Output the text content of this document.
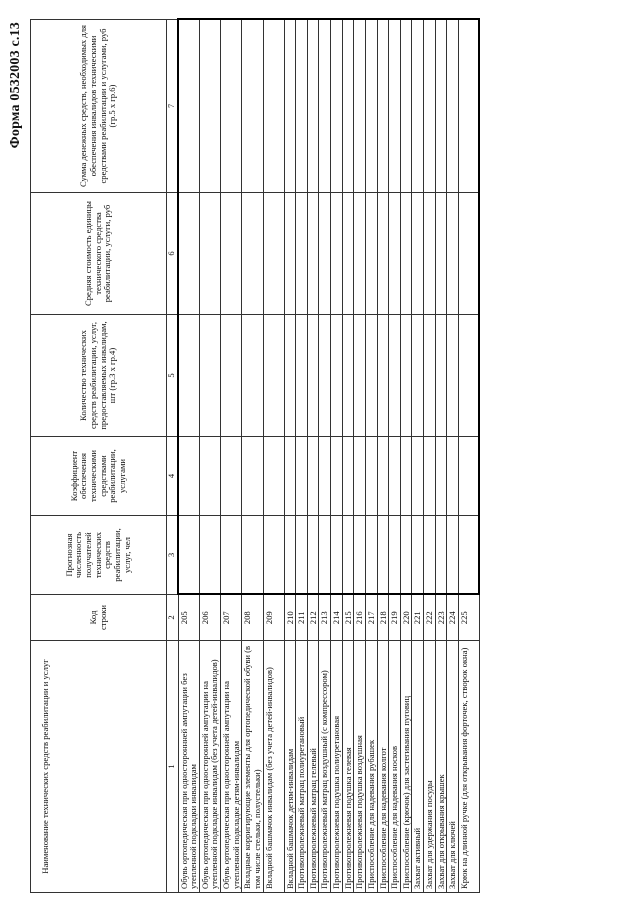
Форма 0532003 с.13
Наименование технических средств реабилитации и услуг	Код строки	Прогнозная численность получателей технических средств реабилитации, услуг, чел	Коэффициент обеспечения техническими средствами реабилитации, услугами	Количество технических средств реабилитации, услуг, предоставляемых инвалидам, шт (гр.3 х гр.4)	Средняя стоимость единицы технического средства реабилитации, услуги, руб	Сумма денежных средств, необходимых для обеспечения инвалидов техническими средствами реабилитации и услугами, руб (гр.5 х гр.6)
1	2	3	4	5	6	7
Обувь ортопедическая при одностороннней ампутации без утепленной подкладки инвалидам	205					
Обувь ортопедическая при односторонней ампутации на утепленной подкладке инвалидам (без учета детей-инвалидов)	206					
Обувь ортопедическая при односторонней ампутации на утепленной подкладке детям-инвалидам	207					
Вкладные корригирующие элементы для ортопедической обуви (в том числе стельки, полустельки)	208					
Вкладной башмачок инвалидам (без учета детей-инвалидов)	209					
Вкладной башмачок детям-инвалидам	210					
Противопролежневый матрац полиуретановый	211					
Противопролежневый матрац гелевый	212					
Противопролежневый матрац воздушный (с компрессором)	213					
Противопролежневая подушка полиуретановая	214					
Противопролежневая подушка гелевая	215					
Противопролежневая подушка воздушная	216					
Приспособление для надевания рубашек	217					
Приспособление для надевания колгот	218					
Приспособление для надевания носков	219					
Приспособление (крючок) для застегивания пуговиц	220					
Захват активный	221					
Захват для удержания посуды	222					
Захват для открывания крышек	223					
Захват для ключей	224					
Крюк на длинной ручке (для открывания форточек, створок окна)	225					
